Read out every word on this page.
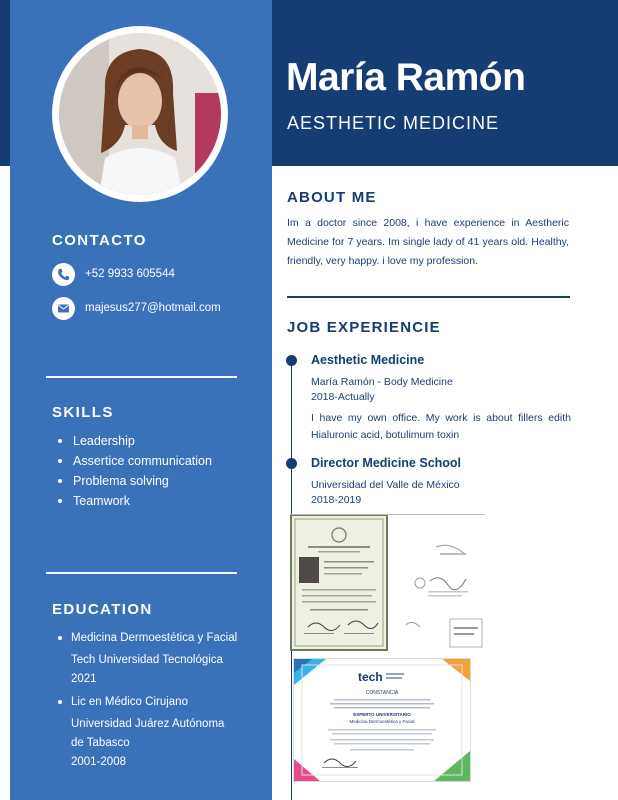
María Ramón
AESTHETIC MEDICINE
CONTACTO
+52 9933 605544
majesus277@hotmail.com
SKILLS
Leadership
Assertice communication
Problema solving
Teamwork
EDUCATION
Medicina Dermoestética y Facial
Tech Universidad Tecnológica
2021
Lic en Médico Cirujano
Universidad Juárez Autónoma
de Tabasco
2001-2008
ABOUT ME
Im a doctor since 2008, i have experience in Aestheric Medicine for 7 years. Im single lady of 41 years old. Healthy, friendly, very happy. i love my profession.
JOB EXPERIENCIE
Aesthetic Medicine
María Ramón - Body Medicine
2018-Actually
I have my own office. My work is about fillers edith Hialuronic acid, botulimum toxin
Director Medicine School
Universidad del Valle de México
2018-2019
tech
CONSTANCIA
EXPERTO UNIVERSITARIO
Medicina Dermoestética y Facial
